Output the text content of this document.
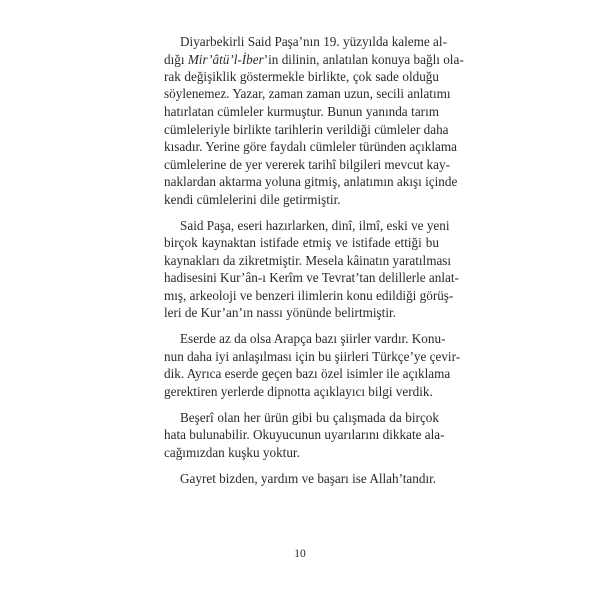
Diyarbekirli Said Paşa’nın 19. yüzyılda kaleme al-
dığı Mir’âtü’l-İber’in dilinin, anlatılan konuya bağlı ola-
rak değişiklik göstermekle birlikte, çok sade olduğu
söylenemez. Yazar, zaman zaman uzun, secili anlatımı
hatırlatan cümleler kurmuştur. Bunun yanında tarım
cümleleriyle birlikte tarihlerin verildiği cümleler daha
kısadır. Yerine göre faydalı cümleler türünden açıklama
cümlelerine de yer vererek tarihî bilgileri mevcut kay-
naklardan aktarma yoluna gitmiş, anlatımın akışı içinde
kendi cümlelerini dile getirmiştir.
Said Paşa, eseri hazırlarken, dinî, ilmî, eski ve yeni
birçok kaynaktan istifade etmiş ve istifade ettiği bu
kaynakları da zikretmiştir. Mesela kâinatın yaratılması
hadisesini Kur’ân-ı Kerîm ve Tevrat’tan delillerle anlat-
mış, arkeoloji ve benzeri ilimlerin konu edildiği görüş-
leri de Kur’an’ın nassı yönünde belirtmiştir.
Eserde az da olsa Arapça bazı şiirler vardır. Konu-
nun daha iyi anlaşılması için bu şiirleri Türkçe’ye çevir-
dik. Ayrıca eserde geçen bazı özel isimler ile açıklama
gerektiren yerlerde dipnotta açıklayıcı bilgi verdik.
Beşerî olan her ürün gibi bu çalışmada da birçok
hata bulunabilir. Okuyucunun uyarılarını dikkate ala-
cağımızdan kuşku yoktur.
Gayret bizden, yardım ve başarı ise Allah’tandır.
10
